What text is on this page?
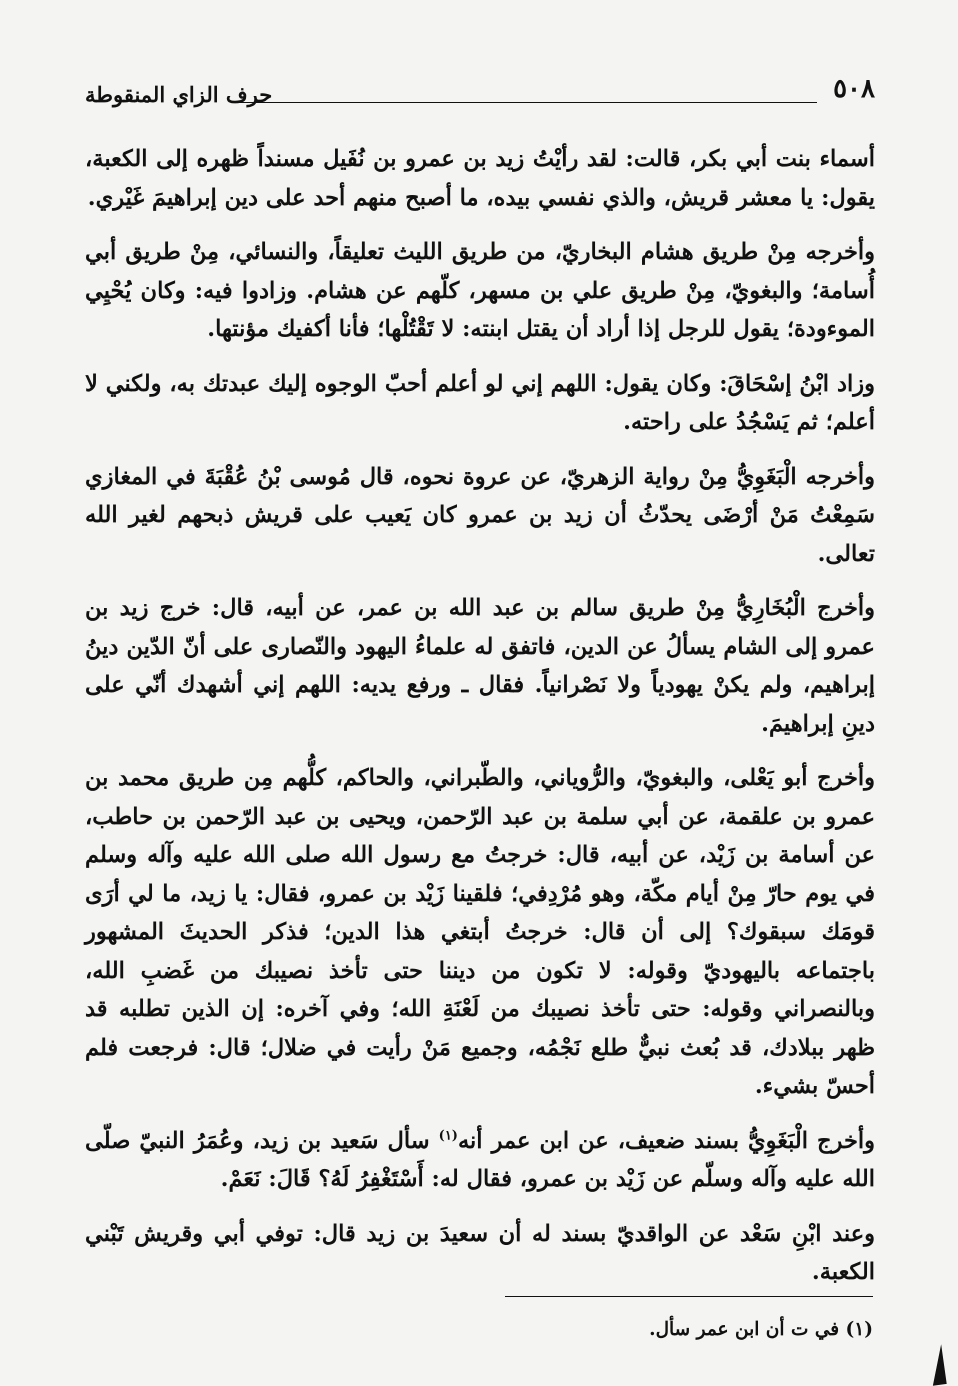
٥٠٨
حرف الزاي المنقوطة

أسماء بنت أبي بكر، قالت: لقد رأيْتُ زيد بن عمرو بن نُفَيل مسنداً ظهره إلى الكعبة، يقول: يا معشر قريش، والذي نفسي بيده، ما أصبح منهم أحد على دين إبراهيمَ غَيْري.

وأخرجه مِنْ طريق هشام البخاريّ، من طريق الليث تعليقاً، والنسائي، مِنْ طريق أبي أُسامة؛ والبغويّ، مِنْ طريق علي بن مسهر، كلّهم عن هشام. وزادوا فيه: وكان يُحْيِي الموءودة؛ يقول للرجل إذا أراد أن يقتل ابنته: لا تَقْتُلْها؛ فأنا أكفيك مؤنتها.

وزاد ابْنُ إسْحَاقَ: وكان يقول: اللهم إني لو أعلم أحبّ الوجوه إليك عبدتك به، ولكني لا أعلم؛ ثم يَسْجُدُ على راحته.

وأخرجه الْبَغَوِيُّ مِنْ رواية الزهريّ، عن عروة نحوه، قال مُوسى بْنُ عُقْبَةَ في المغازي سَمِعْتُ مَنْ أرْضَى يحدّثُ أن زيد بن عمرو كان يَعيب على قريش ذبحهم لغير الله تعالى.

وأخرج الْبُخَارِيُّ مِنْ طريق سالم بن عبد الله بن عمر، عن أبيه، قال: خرج زيد بن عمرو إلى الشام يسألُ عن الدين، فاتفق له علماءُ اليهود والنّصارى على أنّ الدّين دينُ إبراهيم، ولم يكنْ يهودياً ولا نَصْرانياً. فقال ـ ورفع يديه: اللهم إني أشهدك أنّي على دينِ إبراهيمَ.

وأخرج أبو يَعْلى، والبغويّ، والرُّوياني، والطّبراني، والحاكم، كلُّهم مِن طريق محمد بن عمرو بن علقمة، عن أبي سلمة بن عبد الرّحمن، ويحيى بن عبد الرّحمن بن حاطب، عن أسامة بن زَيْد، عن أبيه، قال: خرجتُ مع رسول الله صلى الله عليه وآله وسلم في يوم حارّ مِنْ أيام مكّة، وهو مُرْدِفي؛ فلقينا زَيْد بن عمرو، فقال: يا زيد، ما لي أرَى قومَك سبقوك؟ إلى أن قال: خرجتُ أبتغي هذا الدين؛ فذكر الحديثَ المشهور باجتماعه باليهوديّ وقوله: لا تكون من ديننا حتى تأخذ نصيبك من غَضبِ الله، وبالنصراني وقوله: حتى تأخذ نصيبك من لَعْنَةِ الله؛ وفي آخره: إن الذين تطلبه قد ظهر ببلادك، قد بُعث نبيٌّ طلع نَجْمُه، وجميع مَنْ رأيت في ضلال؛ قال: فرجعت فلم أحسّ بشيء.

وأخرج الْبَغَوِيُّ بسند ضعيف، عن ابن عمر أنه$^{(١)}$ سأل سَعيد بن زيد، وعُمَرُ النبيّ صلّى الله عليه وآله وسلّم عن زَيْد بن عمرو، فقال له: أَسْتَغْفِرُ لَهُ؟ قَالَ: نَعَمْ.

وعند ابْنِ سَعْد عن الواقديّ بسند له أن سعيدَ بن زيد قال: توفي أبي وقريش تَبْني الكعبة.

(١) في ت أن ابن عمر سأل.
